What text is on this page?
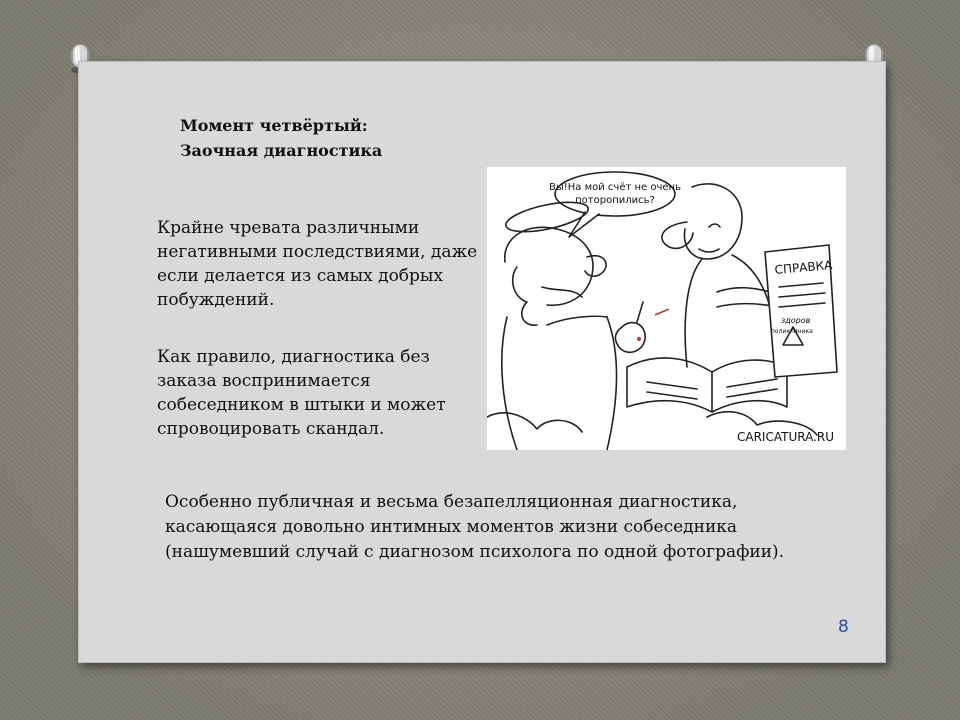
Момент четвёртый:
Заочная диагностика
Крайне чревата различными негативными последствиями, даже если делается из самых добрых побуждений.
Как правило, диагностика без заказа воспринимается собеседником в штыки и может спровоцировать скандал.
Вы!На мой счёт не очень
поторопились?
СПРАВКА
здоров
поликлиника
CARICATURA.RU
Особенно публичная и весьма безапелляционная диагностика, касающаяся довольно интимных моментов жизни собеседника (нашумевший случай с диагнозом психолога по одной фотографии).
8
